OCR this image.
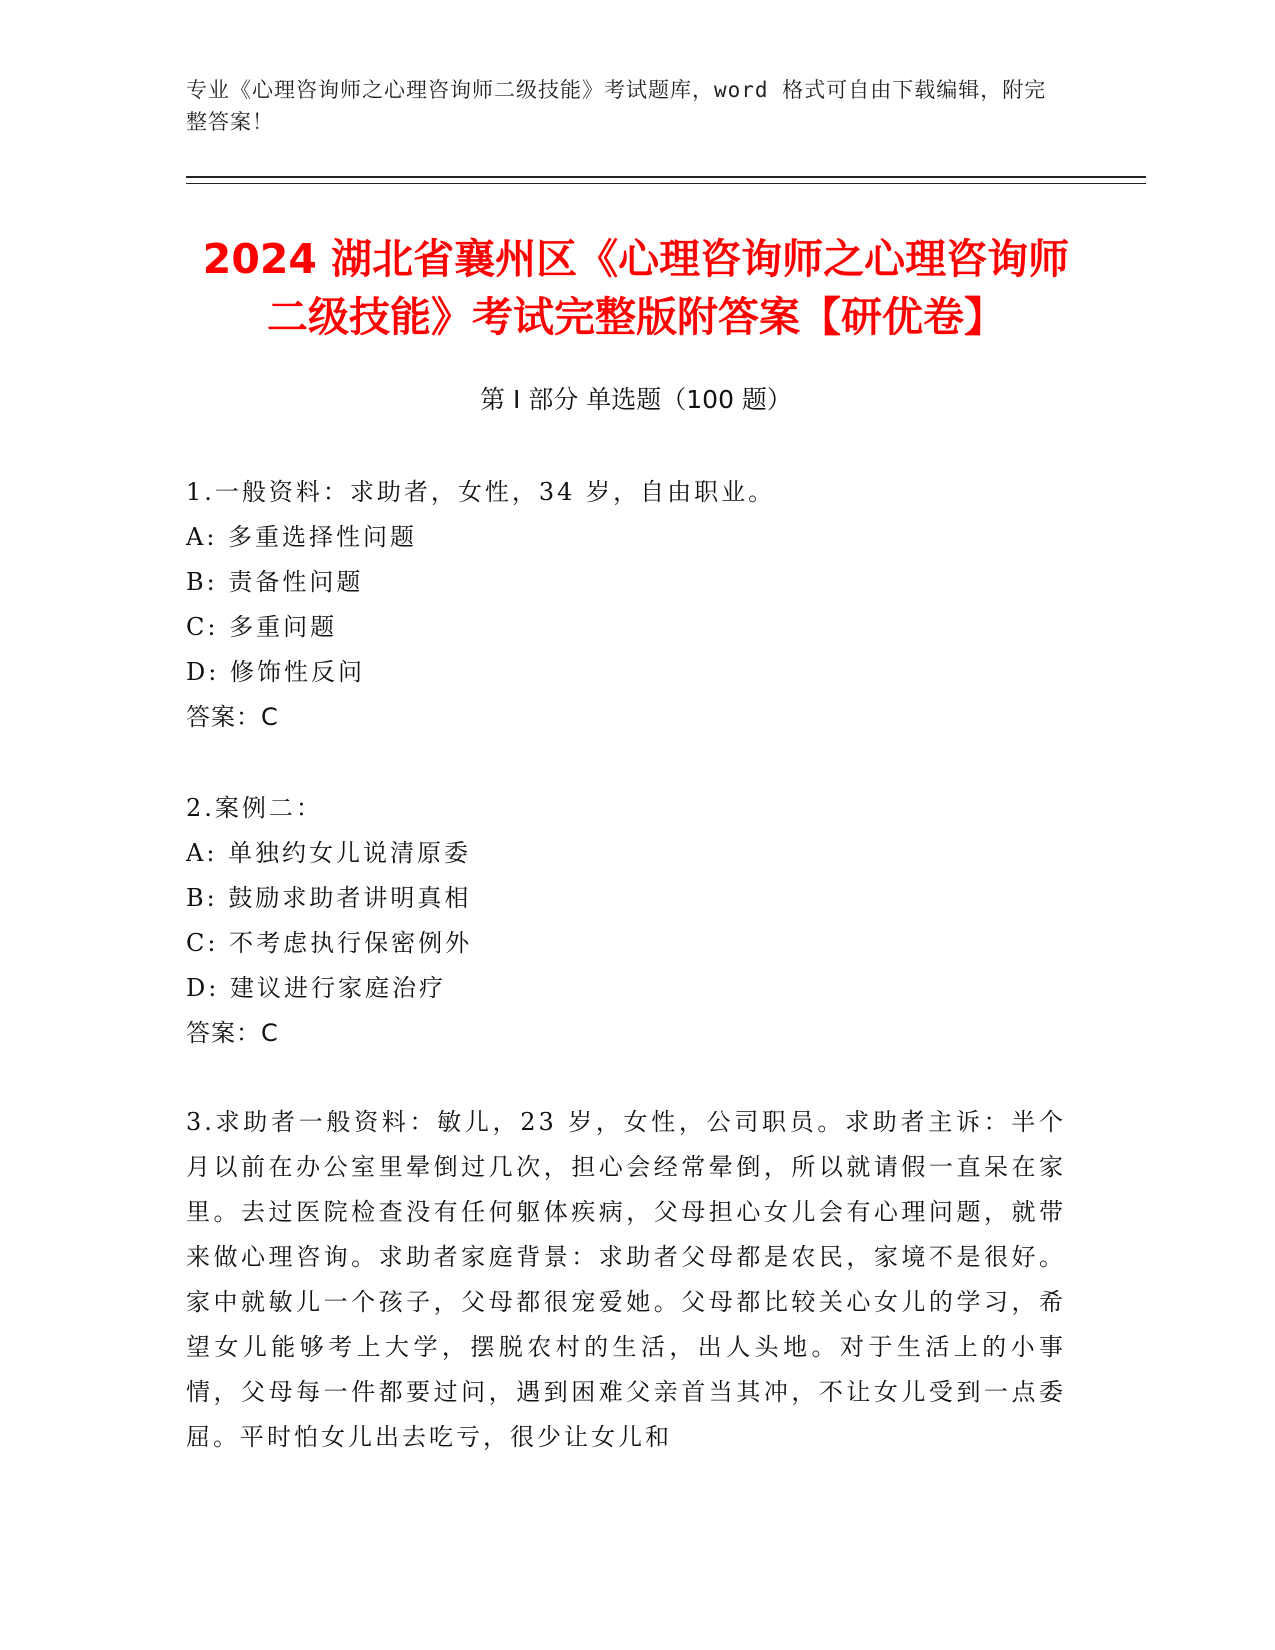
专业《心理咨询师之心理咨询师二级技能》考试题库，word 格式可自由下载编辑，附完整答案！
2024 湖北省襄州区《心理咨询师之心理咨询师二级技能》考试完整版附答案【研优卷】
第 I 部分 单选题（100 题）
1.一般资料：求助者，女性，34 岁，自由职业。
A: 多重选择性问题
B: 责备性问题
C: 多重问题
D: 修饰性反问
答案：C
2.案例二：
A: 单独约女儿说清原委
B: 鼓励求助者讲明真相
C: 不考虑执行保密例外
D: 建议进行家庭治疗
答案：C
3.求助者一般资料：敏儿，23 岁，女性，公司职员。求助者主诉：半个月以前在办公室里晕倒过几次，担心会经常晕倒，所以就请假一直呆在家里。去过医院检查没有任何躯体疾病，父母担心女儿会有心理问题，就带来做心理咨询。求助者家庭背景：求助者父母都是农民，家境不是很好。家中就敏儿一个孩子，父母都很宠爱她。父母都比较关心女儿的学习，希望女儿能够考上大学，摆脱农村的生活，出人头地。对于生活上的小事情，父母每一件都要过问，遇到困难父亲首当其冲，不让女儿受到一点委屈。平时怕女儿出去吃亏，很少让女儿和
